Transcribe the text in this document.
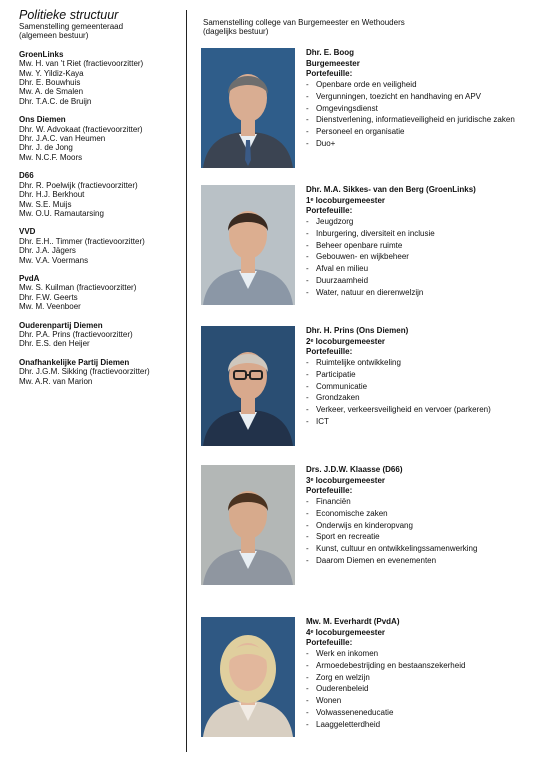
Politieke structuur
Samenstelling gemeenteraad
(algemeen bestuur)
GroenLinks
Mw. H. van 't Riet (fractievoorzitter)
Mw. Y. Yildiz-Kaya
Dhr. E. Bouwhuis
Mw. A. de Smalen
Dhr. T.A.C. de Bruijn
Ons Diemen
Dhr. W. Advokaat (fractievoorzitter)
Dhr. J.A.C. van Heumen
Dhr. J. de Jong
Mw. N.C.F. Moors
D66
Dhr. R. Poelwijk (fractievoorzitter)
Dhr. H.J. Berkhout
Mw. S.E. Muijs
Mw. O.U. Ramautarsing
VVD
Dhr. E.H.. Timmer (fractievoorzitter)
Dhr. J.A. Jägers
Mw. V.A. Voermans
PvdA
Mw. S. Kuilman (fractievoorzitter)
Dhr. F.W. Geerts
Mw. M. Veenboer
Ouderenpartij Diemen
Dhr. P.A. Prins (fractievoorzitter)
Dhr. E.S. den Heijer
Onafhankelijke Partij Diemen
Dhr. J.G.M. Sikking (fractievoorzitter)
Mw. A.R. van Marion
Samenstelling college van Burgemeester en Wethouders
(dagelijks bestuur)
Dhr. E. Boog
Burgemeester
Portefeuille:
- Openbare orde en veiligheid
- Vergunningen, toezicht en handhaving en APV
- Omgevingsdienst
- Dienstverlening, informatieveiligheid en juridische zaken
- Personeel en organisatie
- Duo+
Dhr. M.A. Sikkes- van den Berg (GroenLinks)
1ᵉ locoburgemeester
Portefeuille:
- Jeugdzorg
- Inburgering, diversiteit en inclusie
- Beheer openbare ruimte
- Gebouwen- en wijkbeheer
- Afval en milieu
- Duurzaamheid
- Water, natuur en dierenwelzijn
Dhr. H. Prins (Ons Diemen)
2ᵉ locoburgemeester
Portefeuille:
- Ruimtelijke ontwikkeling
- Participatie
- Communicatie
- Grondzaken
- Verkeer, verkeersveiligheid en vervoer (parkeren)
- ICT
Drs. J.D.W. Klaasse (D66)
3ᵉ locoburgemeester
Portefeuille:
- Financiën
- Economische zaken
- Onderwijs en kinderopvang
- Sport en recreatie
- Kunst, cultuur en ontwikkelingssamenwerking
- Daarom Diemen en evenementen
Mw. M. Everhardt (PvdA)
4ᵉ locoburgemeester
Portefeuille:
- Werk en inkomen
- Armoedebestrijding en bestaanszekerheid
- Zorg en welzijn
- Ouderenbeleid
- Wonen
- Volwasseneneducatie
- Laaggeletterdheid
